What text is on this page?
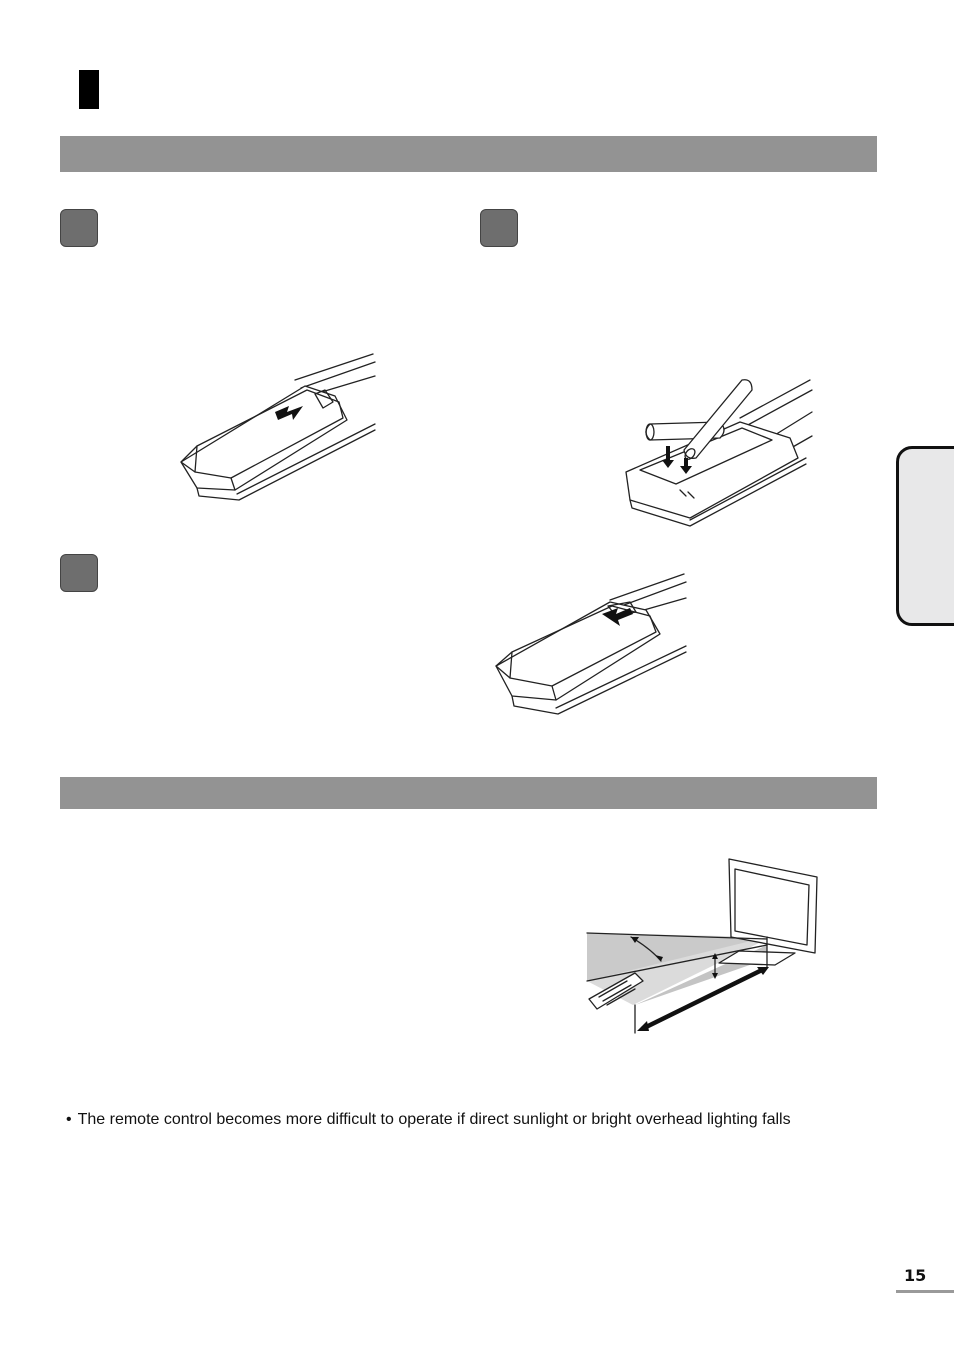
• The remote control becomes more difficult to operate if direct sunlight or bright overhead lighting falls
15
